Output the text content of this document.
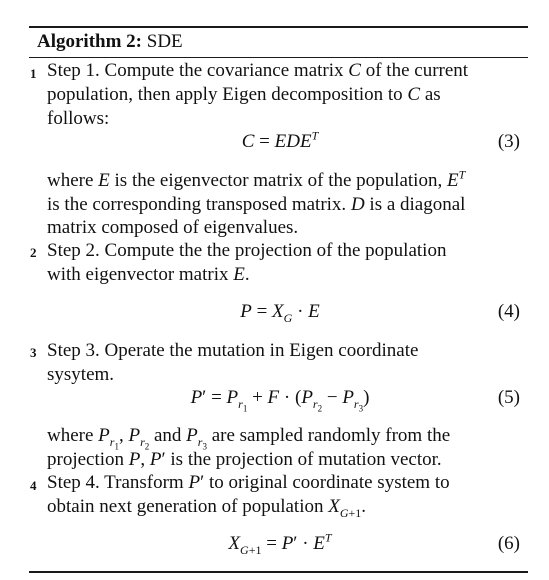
Algorithm 2: SDE
1 Step 1. Compute the covariance matrix C of the current
population, then apply Eigen decomposition to C as
follows:
$C = EDE^T$	(3)
where E is the eigenvector matrix of the population, $E^T$
is the corresponding transposed matrix. D is a diagonal
matrix composed of eigenvalues.
2 Step 2. Compute the the projection of the population
with eigenvector matrix E.
$P = X_G \cdot E$	(4)
3 Step 3. Operate the mutation in Eigen coordinate
sysytem.
$P' = P_{r_1} + F \cdot (P_{r_2} - P_{r_3})$	(5)
where $P_{r_1}$, $P_{r_2}$ and $P_{r_3}$ are sampled randomly from the
projection P, P′ is the projection of mutation vector.
4 Step 4. Transform P′ to original coordinate system to
obtain next generation of population $X_{G+1}$.
$X_{G+1} = P' \cdot E^T$	(6)
